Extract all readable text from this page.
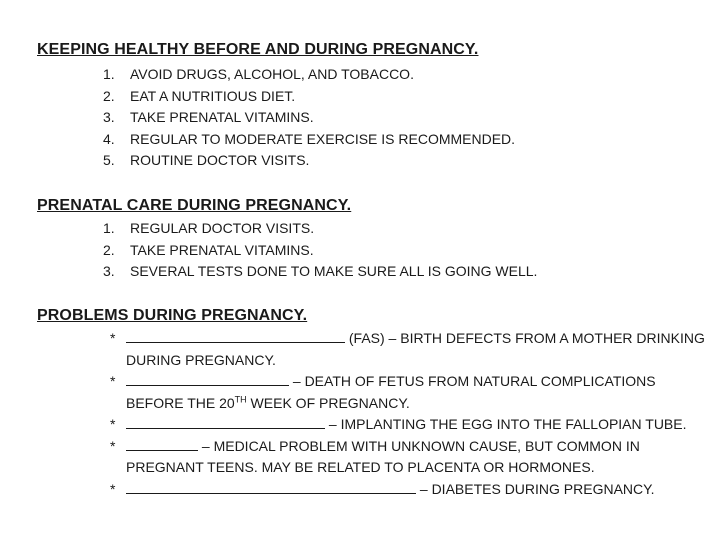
KEEPING HEALTHY BEFORE AND DURING PREGNANCY.
1. AVOID DRUGS, ALCOHOL, AND TOBACCO.
2. EAT A NUTRITIOUS DIET.
3. TAKE PRENATAL VITAMINS.
4. REGULAR TO MODERATE EXERCISE IS RECOMMENDED.
5. ROUTINE DOCTOR VISITS.
PRENATAL CARE DURING PREGNANCY.
1. REGULAR DOCTOR VISITS.
2. TAKE PRENATAL VITAMINS.
3. SEVERAL TESTS DONE TO MAKE SURE ALL IS GOING WELL.
PROBLEMS DURING PREGNANCY.
*	(FAS) – BIRTH DEFECTS FROM A MOTHER DRINKING DURING PREGNANCY.
*	– DEATH OF FETUS FROM NATURAL COMPLICATIONS BEFORE THE 20TH WEEK OF PREGNANCY.
*	– IMPLANTING THE EGG INTO THE FALLOPIAN TUBE.
*	– MEDICAL PROBLEM WITH UNKNOWN CAUSE, BUT COMMON IN PREGNANT TEENS. MAY BE RELATED TO PLACENTA OR HORMONES.
*	– DIABETES DURING PREGNANCY.
